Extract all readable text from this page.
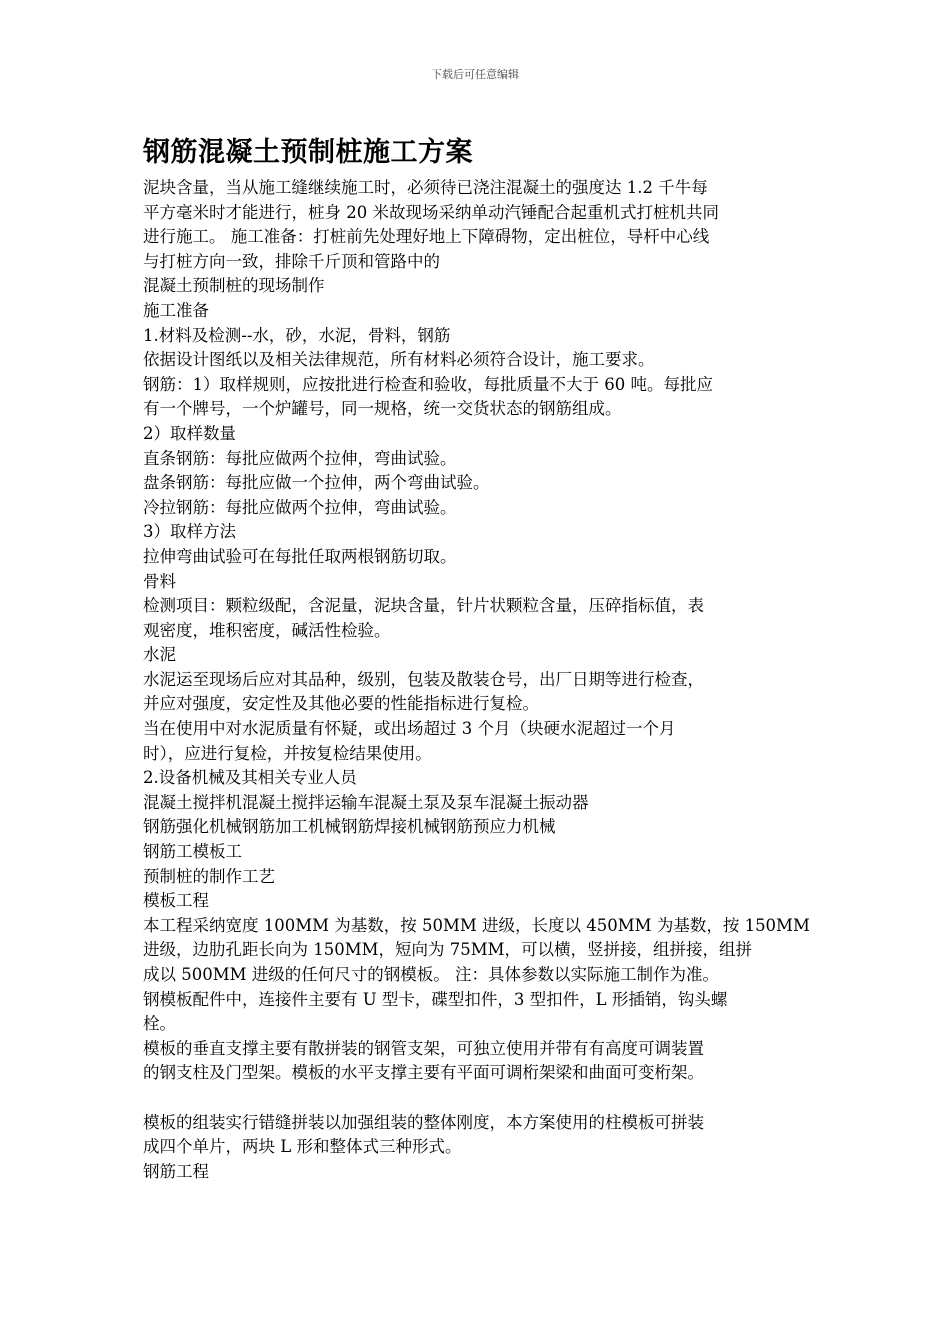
下载后可任意编辑
钢筋混凝土预制桩施工方案
泥块含量，当从施工缝继续施工时，必须待已浇注混凝土的强度达 1.2 千牛每
平方毫米时才能进行，桩身 20 米故现场采纳单动汽锤配合起重机式打桩机共同
进行施工。 施工准备：打桩前先处理好地上下障碍物，定出桩位，导杆中心线
与打桩方向一致，排除千斤顶和管路中的
混凝土预制桩的现场制作
施工准备
1.材料及检测--水，砂，水泥，骨料，钢筋
依据设计图纸以及相关法律规范，所有材料必须符合设计，施工要求。
钢筋：1）取样规则，应按批进行检查和验收，每批质量不大于 60 吨。每批应
有一个牌号，一个炉罐号，同一规格，统一交货状态的钢筋组成。
2）取样数量
直条钢筋：每批应做两个拉伸，弯曲试验。
盘条钢筋：每批应做一个拉伸，两个弯曲试验。
冷拉钢筋：每批应做两个拉伸，弯曲试验。
3）取样方法
拉伸弯曲试验可在每批任取两根钢筋切取。
骨料
检测项目：颗粒级配，含泥量，泥块含量，针片状颗粒含量，压碎指标值，表
观密度，堆积密度，碱活性检验。
水泥
水泥运至现场后应对其品种，级别，包装及散装仓号，出厂日期等进行检查，
并应对强度，安定性及其他必要的性能指标进行复检。
当在使用中对水泥质量有怀疑，或出场超过 3 个月（块硬水泥超过一个月
时），应进行复检，并按复检结果使用。
2.设备机械及其相关专业人员
混凝土搅拌机混凝土搅拌运输车混凝土泵及泵车混凝土振动器
钢筋强化机械钢筋加工机械钢筋焊接机械钢筋预应力机械
钢筋工模板工
预制桩的制作工艺
模板工程
本工程采纳宽度 100MM 为基数，按 50MM 进级，长度以 450MM 为基数，按 150MM
进级，边肋孔距长向为 150MM，短向为 75MM，可以横，竖拼接，组拼接，组拼
成以 500MM 进级的任何尺寸的钢模板。 注：具体参数以实际施工制作为准。
钢模板配件中，连接件主要有 U 型卡，碟型扣件，3 型扣件，L 形插销，钩头螺
栓。
模板的垂直支撑主要有散拼装的钢管支架，可独立使用并带有有高度可调装置
的钢支柱及门型架。模板的水平支撑主要有平面可调桁架梁和曲面可变桁架。
模板的组装实行错缝拼装以加强组装的整体刚度，本方案使用的柱模板可拼装
成四个单片，两块 L 形和整体式三种形式。
钢筋工程
